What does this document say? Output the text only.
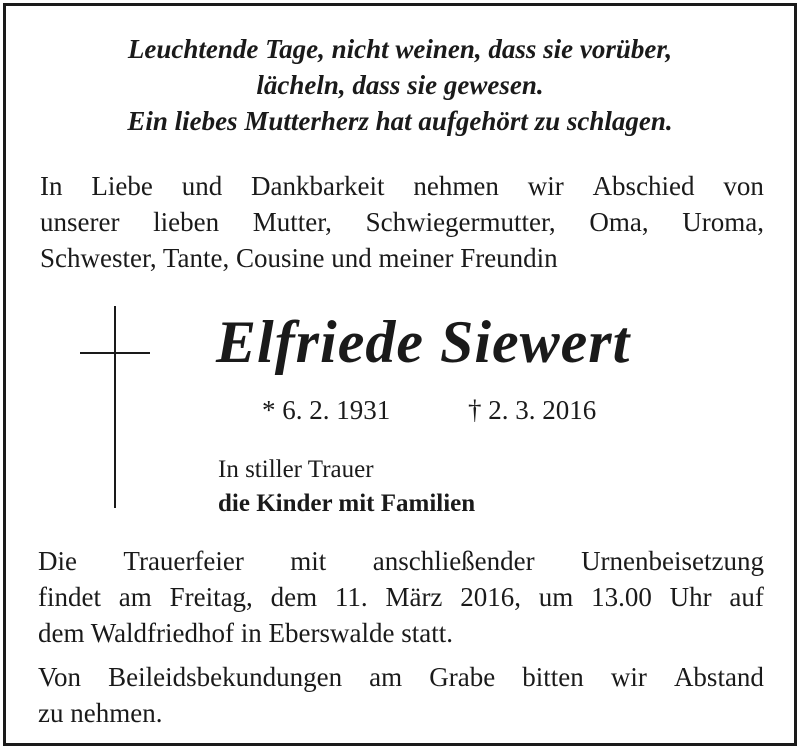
Leuchtende Tage, nicht weinen, dass sie vorüber,
lächeln, dass sie gewesen.
Ein liebes Mutterherz hat aufgehört zu schlagen.
In Liebe und Dankbarkeit nehmen wir Abschied von
unserer lieben Mutter, Schwiegermutter, Oma, Uroma,
Schwester, Tante, Cousine und meiner Freundin
Elfriede Siewert
* 6. 2. 1931	† 2. 3. 2016
In stiller Trauer
die Kinder mit Familien
Die Trauerfeier mit anschließender Urnenbeisetzung
findet am Freitag, dem 11. März 2016, um 13.00 Uhr auf
dem Waldfriedhof in Eberswalde statt.
Von Beileidsbekundungen am Grabe bitten wir Abstand
zu nehmen.
